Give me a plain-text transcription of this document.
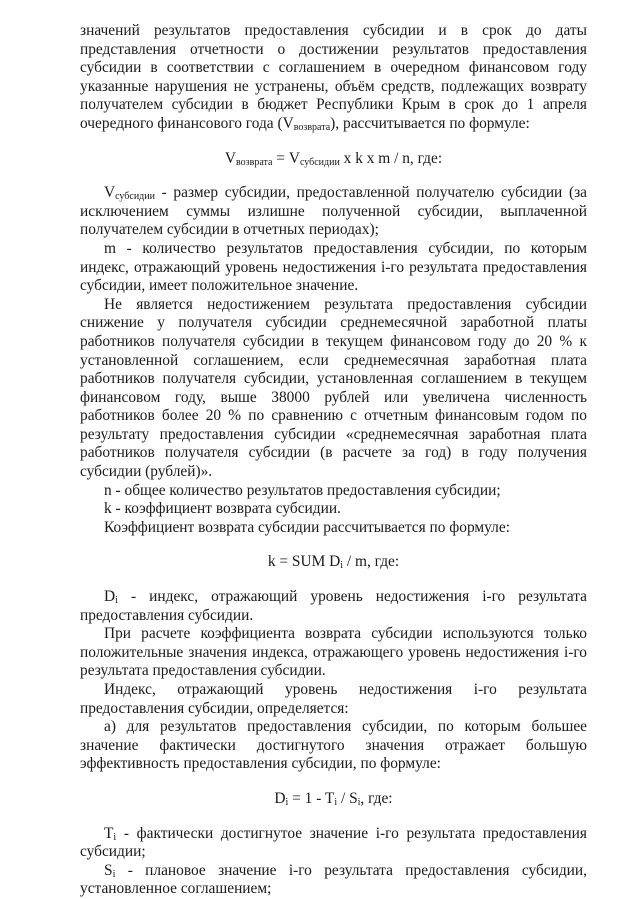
значений результатов предоставления субсидии и в срок до даты представления отчетности о достижении результатов предоставления субсидии в соответствии с соглашением в очередном финансовом году указанные нарушения не устранены, объём средств, подлежащих возврату получателем субсидии в бюджет Республики Крым в срок до 1 апреля очередного финансового года $(V_{возврата})$, рассчитывается по формуле:

$V_{возврата} = V_{субсидии}$ x k x m / n, где:

$V_{субсидии}$ - размер субсидии, предоставленной получателю субсидии (за исключением суммы излишне полученной субсидии, выплаченной получателем субсидии в отчетных периодах);

m - количество результатов предоставления субсидии, по которым индекс, отражающий уровень недостижения i-го результата предоставления субсидии, имеет положительное значение.

Не является недостижением результата предоставления субсидии снижение у получателя субсидии среднемесячной заработной платы работников получателя субсидии в текущем финансовом году до 20 % к установленной соглашением, если среднемесячная заработная плата работников получателя субсидии, установленная соглашением в текущем финансовом году, выше 38000 рублей или увеличена численность работников более 20 % по сравнению с отчетным финансовым годом по результату предоставления субсидии «среднемесячная заработная плата работников получателя субсидии (в расчете за год) в году получения субсидии (рублей)».

n - общее количество результатов предоставления субсидии;

k - коэффициент возврата субсидии.

Коэффициент возврата субсидии рассчитывается по формуле:

k = SUM $D_i$ / m, где:

$D_i$ - индекс, отражающий уровень недостижения i-го результата предоставления субсидии.

При расчете коэффициента возврата субсидии используются только положительные значения индекса, отражающего уровень недостижения i-го результата предоставления субсидии.

Индекс, отражающий уровень недостижения i-го результата предоставления субсидии, определяется:

а) для результатов предоставления субсидии, по которым большее значение фактически достигнутого значения отражает большую эффективность предоставления субсидии, по формуле:

$D_i = 1 - T_i / S_i$, где:

$T_i$ - фактически достигнутое значение i-го результата предоставления субсидии;

$S_i$ - плановое значение i-го результата предоставления субсидии, установленное соглашением;
